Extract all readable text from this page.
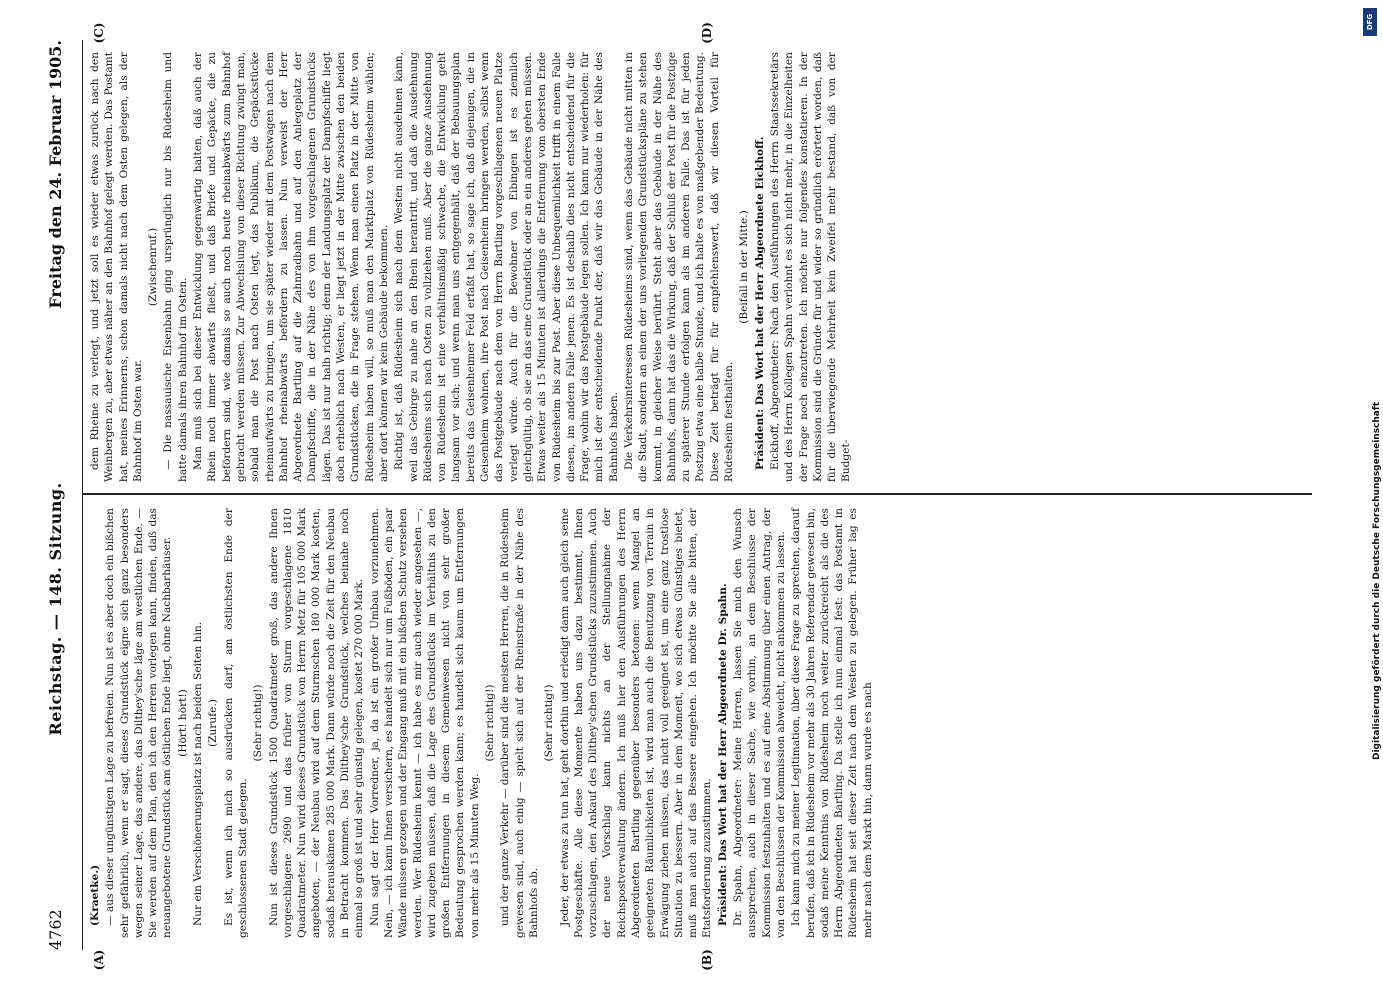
4762
Reichstag. — 148. Sitzung.
Freitag den 24. Februar 1905.
(A)	(B)
(C)	(D)

(Kraetke.) — aus dieser ungünstigen Lage zu befreien. Nun ist es aber doch ein bißchen sehr gefährlich, wenn er sagt, dieses Grundstück eigne sich ganz besonders wegen seiner Lage, das andere, das Dilthey'sche läge am westlichen Ende. — Sie werden auf dem Plan, den ich den Herren vorlegen kann, finden, daß das neuangebotene Grundstück am östlichen Ende liegt, ohne Nachbarhäuser. (Hört! hört!) Nur ein Verschönerungsplatz ist nach beiden Seiten hin. (Zurufe.) Es ist, wenn ich mich so ausdrücken darf, am östlichsten Ende der geschlossenen Stadt gelegen.

(Sehr richtig!) Nun ist dieses Grundstück 1500 Quadratmeter groß, das andere Ihnen vorgeschlagene 2690 und das früher von Sturm vorgeschlagene 1810 Quadratmeter. Nun wird dieses Grundstück von Herrn Metz für 105 000 Mark angeboten, — der Neubau wird auf dem Sturmschen 180 000 Mark kosten, sodaß herauskämen 285 000 Mark. Dann würde noch die Zeit für den Neubau in Betracht kommen. Das Dilthey'sche Grundstück, welches beinahe noch einmal so groß ist und sehr günstig gelegen, kostet 270 000 Mark. Nun sagt der Herr Vorredner, ja, da ist ein großer Umbau vorzunehmen. Nein, — ich kann Ihnen versichern, es handelt sich nur um Fußböden, ein paar Wände müssen gezogen und der Eingang muß mit ein bißchen Schutz versehen werden. Wer Rüdesheim kennt — ich habe es mir auch wieder angesehen —, wird zugeben müssen, daß die Lage des Grundstücks im Verhältnis zu den großen Entfernungen in diesem Gemeinwesen nicht von sehr großer Bedeutung gesprochen werden kann; es handelt sich kaum um Entfernungen von mehr als 15 Minuten Weg.

(Sehr richtig!) und der ganze Verkehr — darüber sind die meisten Herren, die in Rüdesheim gewesen sind, auch einig — spielt sich auf der Rheinstraße in der Nähe des Bahnhofs ab.

(Sehr richtig!) Jeder, der etwas zu tun hat, geht dorthin und erledigt dann auch gleich seine Postgeschäfte. Alle diese Momente haben uns dazu bestimmt, Ihnen vorzuschlagen, den Ankauf des Dilthey'schen Grundstücks zuzustimmen. Auch der neue Vorschlag kann nichts an der Stellungnahme der Reichspostverwaltung ändern. Ich muß hier den Ausführungen des Herrn Abgeordneten Bartling gegenüber besonders betonen: wenn Mangel an geeigneten Räumlichkeiten ist, wird man auch die Benutzung von Terrain in Erwägung ziehen müssen, das nicht voll geeignet ist, um eine ganz trostlose Situation zu bessern. Aber in dem Moment, wo sich etwas Günstiges bietet, muß man auch auf das Bessere eingehen. Ich möchte Sie alle bitten, der Etatsforderung zuzustimmen. Präsident: Das Wort hat der Herr Abgeordnete Dr. Spahn. Dr. Spahn, Abgeordneter: Meine Herren, lassen Sie mich den Wunsch aussprechen, auch in dieser Sache, wie vorhin, an dem Beschlusse der Kommission festzuhalten und es auf eine Abstimmung über einen Antrag, der von den Beschlüssen der Kommission abweicht, nicht ankommen zu lassen. Ich kann mich zu meiner Legitimation, über diese Frage zu sprechen, darauf berufen, daß ich in Rüdesheim vor mehr als 30 Jahren Referendar gewesen bin, sodaß meine Kenntnis von Rüdesheim noch weiter zurückreicht als die des Herrn Abgeordneten Bartling. Da stelle ich nun einmal fest: das Postamt in Rüdesheim hat seit dieser Zeit nach dem Westen zu gelegen. Früher lag es mehr nach dem Markt hin, dann wurde es nach

dem Rheine zu verlegt, und jetzt soll es wieder etwas zurück nach den Weinbergen zu, aber etwas näher an den Bahnhof gelegt werden. Das Postamt hat, meines Erinnerns, schon damals nicht nach dem Osten gelegen, als der Bahnhof im Osten war.

(Zwischenruf.) — Die nassauische Eisenbahn ging ursprünglich nur bis Rüdesheim und hatte damals ihren Bahnhof im Osten. Man muß sich bei dieser Entwicklung gegenwärtig halten, daß auch der Rhein noch immer abwärts fließt, und daß Briefe und Gepäcke, die zu befördern sind, wie damals so auch noch heute rheinabwärts zum Bahnhof gebracht werden müssen. Zur Abwechslung von dieser Richtung zwingt man, sobald man die Post nach Osten legt, das Publikum, die Gepäckstücke rheinaufwärts zu bringen, um sie später wieder mit dem Postwagen nach dem Bahnhof rheinabwärts befördern zu lassen. Nun verweist der Herr Abgeordnete Bartling auf die Zahnradbahn und auf den Anlegeplatz der Dampfschiffe, die in der Nähe des von ihm vorgeschlagenen Grundstücks lägen. Das ist nur halb richtig; denn der Landungsplatz der Dampfschiffe liegt doch erheblich nach Westen, er liegt jetzt in der Mitte zwischen den beiden Grundstücken, die in Frage stehen. Wenn man einen Platz in der Mitte von Rüdesheim haben will, so muß man den Marktplatz von Rüdesheim wählen; aber dort können wir kein Gebäude bekommen. Richtig ist, daß Rüdesheim sich nach dem Westen nicht ausdehnen kann, weil das Gebirge zu nahe an den Rhein herantritt, und daß die Ausdehnung Rüdesheims sich nach Osten zu vollziehen muß. Aber die ganze Ausdehnung von Rüdesheim ist eine verhältnismäßig schwache, die Entwicklung geht langsam vor sich; und wenn man uns entgegenhält, daß der Bebauungsplan bereits das Geisenheimer Feld erfaßt hat, so sage ich, daß diejenigen, die in Geisenheim wohnen, ihre Post nach Geisenheim bringen werden, selbst wenn das Postgebäude nach dem von Herrn Bartling vorgeschlagenen neuen Platze verlegt würde. Auch für die Bewohner von Eibingen ist es ziemlich gleichgültig, ob sie an das eine Grundstück oder an ein anderes gehen müssen. Etwas weiter als 15 Minuten ist allerdings die Entfernung vom obersten Ende von Rüdesheim bis zur Post. Aber diese Unbequemlichkeit trifft in einem Falle diesen, im andern Falle jenen. Es ist deshalb dies nicht entscheidend für die Frage, wohin wir das Postgebäude legen sollen. Ich kann nur wiederholen: für mich ist der entscheidende Punkt der, daß wir das Gebäude in der Nähe des Bahnhofs haben. Die Verkehrsinteressen Rüdesheims sind, wenn das Gebäude nicht mitten in die Stadt, sondern an einen der uns vorliegenden Grundstückspläne zu stehen kommt, in gleicher Weise berührt. Steht aber das Gebäude in der Nähe des Bahnhofs, dann hat das die Wirkung, daß der Schluß der Post für die Postzüge zu späterer Stunde erfolgen kann als im anderen Falle. Das ist für jeden Postzug etwa eine halbe Stunde, und ich halte es von maßgebender Bedeutung. Diese Zeit beträgt für für empfehlenswert, daß wir diesen Vorteil für Rüdesheim festhalten.

(Beifall in der Mitte.) Präsident: Das Wort hat der Herr Abgeordnete Eickhoff. Eickhoff, Abgeordneter: Nach den Ausführungen des Herrn Staatssekretärs und des Herrn Kollegen Spahn verlohnt es sich nicht mehr, in die Einzelheiten der Frage noch einzutreten. Ich möchte nur folgendes konstatieren. In der Kommission sind die Gründe für und wider so gründlich erörtert worden, daß für die überwiegende Mehrheit kein Zweifel mehr bestand, daß von der Budget-

DFG
Digitalisierung gefördert durch die Deutsche Forschungsgemeinschaft
